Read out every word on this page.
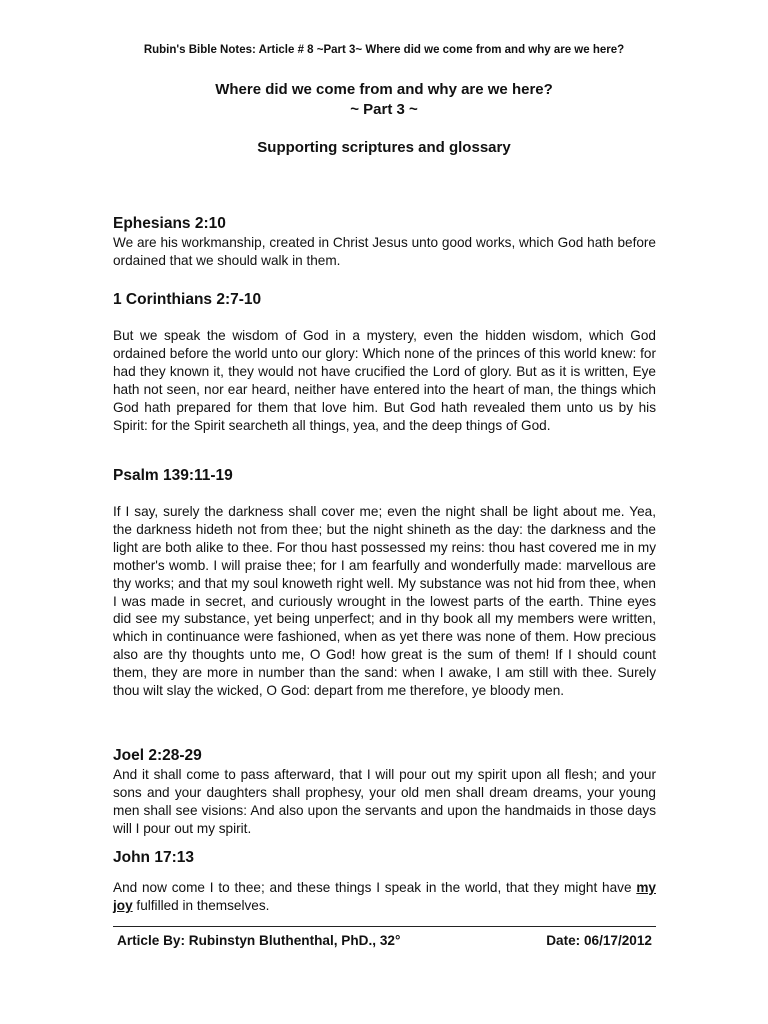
Rubin's Bible Notes: Article # 8 ~Part 3~ Where did we come from and why are we here?
Where did we come from and why are we here?
~ Part 3 ~
Supporting scriptures and glossary
Ephesians 2:10
We are his workmanship, created in Christ Jesus unto good works, which God hath before ordained that we should walk in them.
1 Corinthians 2:7-10
But we speak the wisdom of God in a mystery, even the hidden wisdom, which God ordained before the world unto our glory: Which none of the princes of this world knew: for had they known it, they would not have crucified the Lord of glory. But as it is written, Eye hath not seen, nor ear heard, neither have entered into the heart of man, the things which God hath prepared for them that love him. But God hath revealed them unto us by his Spirit: for the Spirit searcheth all things, yea, and the deep things of God.
Psalm 139:11-19
If I say, surely the darkness shall cover me; even the night shall be light about me. Yea, the darkness hideth not from thee; but the night shineth as the day: the darkness and the light are both alike to thee. For thou hast possessed my reins: thou hast covered me in my mother's womb. I will praise thee; for I am fearfully and wonderfully made: marvellous are thy works; and that my soul knoweth right well. My substance was not hid from thee, when I was made in secret, and curiously wrought in the lowest parts of the earth. Thine eyes did see my substance, yet being unperfect; and in thy book all my members were written, which in continuance were fashioned, when as yet there was none of them. How precious also are thy thoughts unto me, O God! how great is the sum of them! If I should count them, they are more in number than the sand: when I awake, I am still with thee. Surely thou wilt slay the wicked, O God: depart from me therefore, ye bloody men.
Joel 2:28-29
And it shall come to pass afterward, that I will pour out my spirit upon all flesh; and your sons and your daughters shall prophesy, your old men shall dream dreams, your young men shall see visions: And also upon the servants and upon the handmaids in those days will I pour out my spirit.
John 17:13
And now come I to thee; and these things I speak in the world, that they might have my joy fulfilled in themselves.
Article By: Rubinstyn Bluthenthal, PhD., 32°	Date: 06/17/2012
